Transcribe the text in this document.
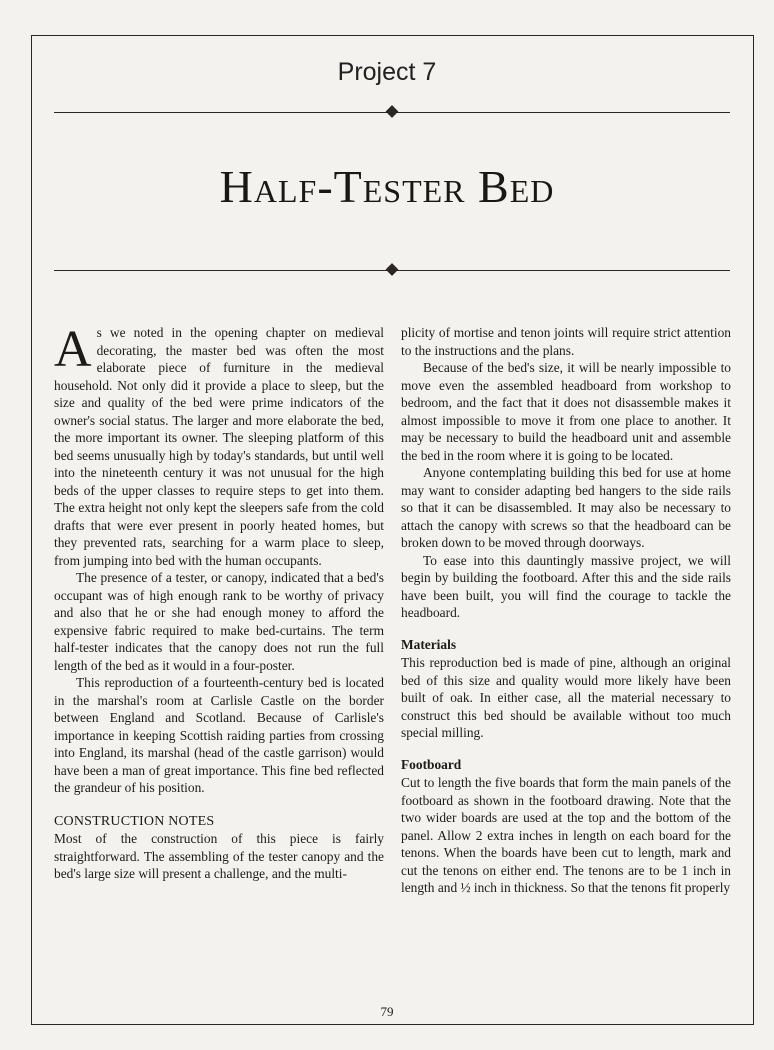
Project 7
Half-Tester Bed

As we noted in the opening chapter on medieval decorating, the master bed was often the most elaborate piece of furniture in the medieval household. Not only did it provide a place to sleep, but the size and quality of the bed were prime indicators of the owner's social status. The larger and more elaborate the bed, the more important its owner. The sleeping platform of this bed seems unusually high by today's standards, but until well into the nineteenth century it was not unusual for the high beds of the upper classes to require steps to get into them. The extra height not only kept the sleepers safe from the cold drafts that were ever present in poorly heated homes, but they prevented rats, searching for a warm place to sleep, from jumping into bed with the human occupants.

The presence of a tester, or canopy, indicated that a bed's occupant was of high enough rank to be worthy of privacy and also that he or she had enough money to afford the expensive fabric required to make bed-curtains. The term half-tester indicates that the canopy does not run the full length of the bed as it would in a four-poster.

This reproduction of a fourteenth-century bed is located in the marshal's room at Carlisle Castle on the border between England and Scotland. Because of Carlisle's importance in keeping Scottish raiding parties from crossing into England, its marshal (head of the castle garrison) would have been a man of great importance. This fine bed reflected the grandeur of his position.

CONSTRUCTION NOTES

Most of the construction of this piece is fairly straightforward. The assembling of the tester canopy and the bed's large size will present a challenge, and the multi-

plicity of mortise and tenon joints will require strict attention to the instructions and the plans.

Because of the bed's size, it will be nearly impossible to move even the assembled headboard from workshop to bedroom, and the fact that it does not disassemble makes it almost impossible to move it from one place to another. It may be necessary to build the headboard unit and assemble the bed in the room where it is going to be located.

Anyone contemplating building this bed for use at home may want to consider adapting bed hangers to the side rails so that it can be disassembled. It may also be necessary to attach the canopy with screws so that the headboard can be broken down to be moved through doorways.

To ease into this dauntingly massive project, we will begin by building the footboard. After this and the side rails have been built, you will find the courage to tackle the headboard.

Materials

This reproduction bed is made of pine, although an original bed of this size and quality would more likely have been built of oak. In either case, all the material necessary to construct this bed should be available without too much special milling.

Footboard

Cut to length the five boards that form the main panels of the footboard as shown in the footboard drawing. Note that the two wider boards are used at the top and the bottom of the panel. Allow 2 extra inches in length on each board for the tenons. When the boards have been cut to length, mark and cut the tenons on either end. The tenons are to be 1 inch in length and ½ inch in thickness. So that the tenons fit properly

79
